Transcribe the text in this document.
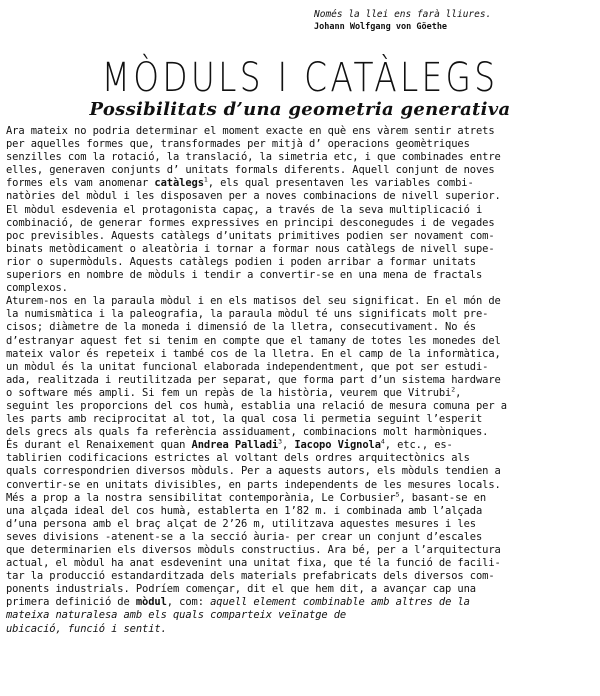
Només la llei ens farà lliures.
Johann Wolfgang von Göethe
MÒDULS I CATÀLEGS
Possibilitats d’una geometria generativa
Ara mateix no podria determinar el moment exacte en què ens vàrem sentir atrets
per aquelles formes que, transformades per mitjà d’ operacions geomètriques
senzilles com la rotació, la translació, la simetria etc, i que combinades entre
elles, generaven conjunts d’ unitats formals diferents. Aquell conjunt de noves
formes els vam anomenar catàlegs$^1$, els qual presentaven les variables combi-
natòries del mòdul i les disposaven per a noves combinacions de nivell superior.
El mòdul esdevenia el protagonista capaç, a través de la seva multiplicació i
combinació, de generar formes expressives en principi desconegudes i de vegades
poc previsibles. Aquests catàlegs d’unitats primitives podien ser novament com-
binats metòdicament o aleatòria i tornar a formar nous catàlegs de nivell supe-
rior o supermòduls. Aquests catàlegs podien i poden arribar a formar unitats
superiors en nombre de mòduls i tendir a convertir-se en una mena de fractals
complexos.
Aturem-nos en la paraula mòdul i en els matisos del seu significat. En el món de
la numismàtica i la paleografia, la paraula mòdul té uns significats molt pre-
cisos; diàmetre de la moneda i dimensió de la lletra, consecutivament. No és
d’estranyar aquest fet si tenim en compte que el tamany de totes les monedes del
mateix valor és repeteix i també cos de la lletra. En el camp de la informàtica,
un mòdul és la unitat funcional elaborada independentment, que pot ser estudi-
ada, realitzada i reutilitzada per separat, que forma part d’un sistema hardware
o software més ampli. Si fem un repàs de la història, veurem que Vitrubi$^2$,
seguint les proporcions del cos humà, establia una relació de mesura comuna per a
les parts amb reciprocitat al tot, la qual cosa li permetia seguint l’esperit
dels grecs als quals fa referència assiduament, combinacions molt harmòniques.
És durant el Renaixement quan Andrea Palladi$^3$, Iacopo Vignola$^4$, etc., es-
tablirien codificacions estrictes al voltant dels ordres arquitectònics als
quals correspondrien diversos mòduls. Per a aquests autors, els mòduls tendien a
convertir-se en unitats divisibles, en parts independents de les mesures locals.
Més a prop a la nostra sensibilitat contemporània, Le Corbusier$^5$, basant-se en
una alçada ideal del cos humà, establerta en 1’82 m. i combinada amb l’alçada
d’una persona amb el braç alçat de 2’26 m, utilitzava aquestes mesures i les
seves divisions -atenent-se a la secció àuria- per crear un conjunt d’escales
que determinarien els diversos mòduls constructius. Ara bé, per a l’arquitectura
actual, el mòdul ha anat esdevenint una unitat fixa, que té la funció de facili-
tar la producció estandarditzada dels materials prefabricats dels diversos com-
ponents industrials. Podríem començar, dit el que hem dit, a avançar cap una
primera definició de mòdul, com: aquell element combinable amb altres de la
mateixa naturalesa amb els quals comparteix veïnatge de
ubicació, funció i sentit.
